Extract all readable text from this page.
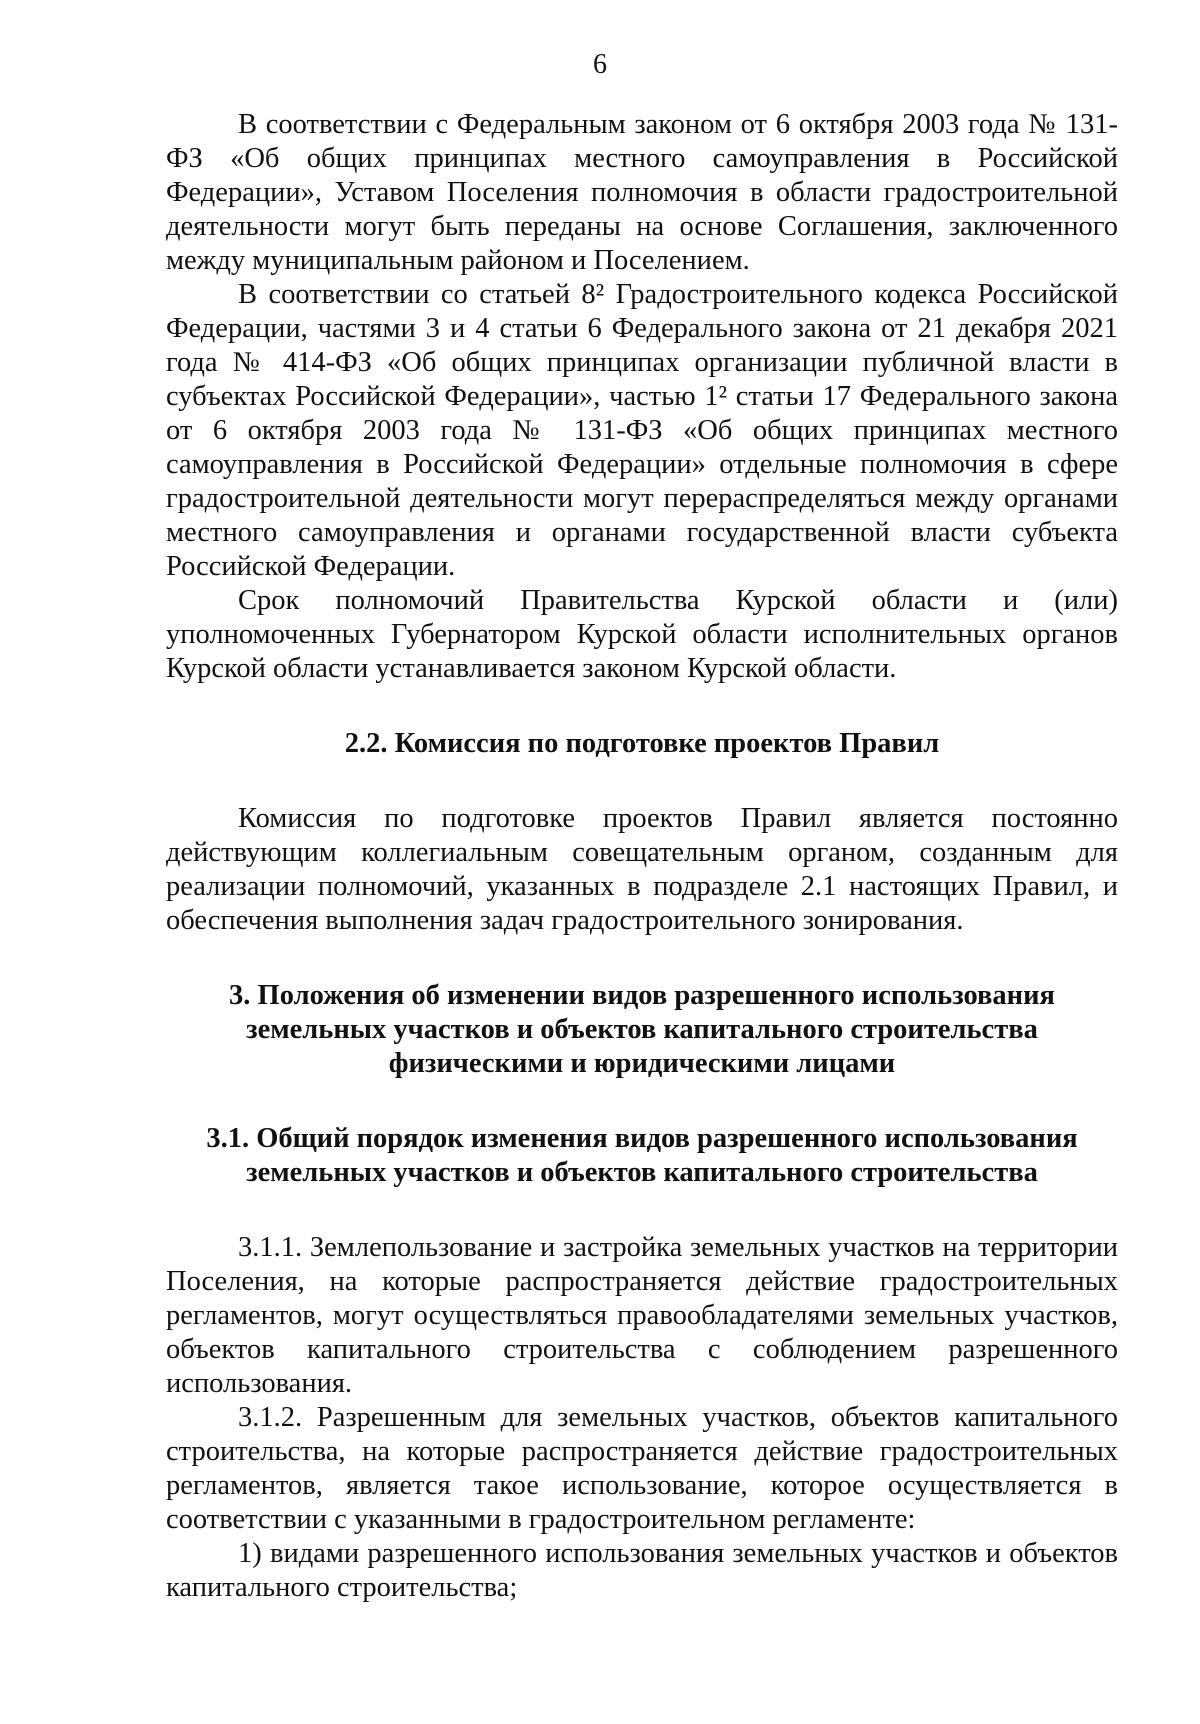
6

В соответствии с Федеральным законом от 6 октября 2003 года № 131-ФЗ «Об общих принципах местного самоуправления в Российской Федерации», Уставом Поселения полномочия в области градостроительной деятельности могут быть переданы на основе Соглашения, заключенного между муниципальным районом и Поселением.

В соответствии со статьей 8² Градостроительного кодекса Российской Федерации, частями 3 и 4 статьи 6 Федерального закона от 21 декабря 2021 года № 414-ФЗ «Об общих принципах организации публичной власти в субъектах Российской Федерации», частью 1² статьи 17 Федерального закона от 6 октября 2003 года № 131-ФЗ «Об общих принципах местного самоуправления в Российской Федерации» отдельные полномочия в сфере градостроительной деятельности могут перераспределяться между органами местного самоуправления и органами государственной власти субъекта Российской Федерации.

Срок полномочий Правительства Курской области и (или) уполномоченных Губернатором Курской области исполнительных органов Курской области устанавливается законом Курской области.

2.2. Комиссия по подготовке проектов Правил

Комиссия по подготовке проектов Правил является постоянно действующим коллегиальным совещательным органом, созданным для реализации полномочий, указанных в подразделе 2.1 настоящих Правил, и обеспечения выполнения задач градостроительного зонирования.

3. Положения об изменении видов разрешенного использования
земельных участков и объектов капитального строительства
физическими и юридическими лицами
3.1. Общий порядок изменения видов разрешенного использования
земельных участков и объектов капитального строительства

3.1.1. Землепользование и застройка земельных участков на территории Поселения, на которые распространяется действие градостроительных регламентов, могут осуществляться правообладателями земельных участков, объектов капитального строительства с соблюдением разрешенного использования.

3.1.2. Разрешенным для земельных участков, объектов капитального строительства, на которые распространяется действие градостроительных регламентов, является такое использование, которое осуществляется в соответствии с указанными в градостроительном регламенте:

1) видами разрешенного использования земельных участков и объектов капитального строительства;
